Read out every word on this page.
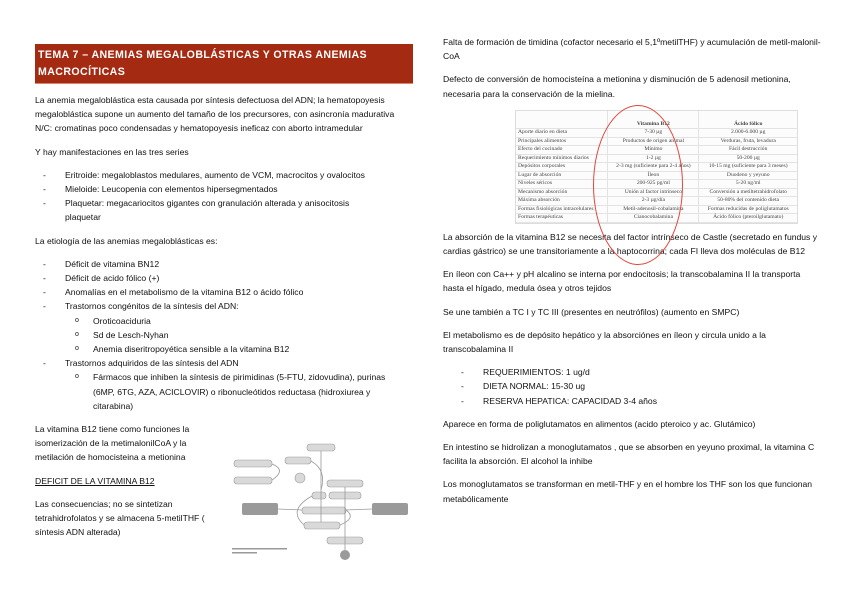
TEMA 7 – ANEMIAS MEGALOBLÁSTICAS Y OTRAS ANEMIAS MACROCÍTICAS

La anemia megaloblástica esta causada por síntesis defectuosa del ADN; la hematopoyesis megaloblástica supone un aumento del tamaño de los precursores, con asincronía madurativa N/C: cromatinas poco condensadas y hematopoyesis ineficaz con aborto intramedular

Y hay manifestaciones en las tres series

- Eritroide: megaloblastos medulares, aumento de VCM, macrocitos y ovalocitos
- Mieloide: Leucopenia con elementos hipersegmentados
- Plaquetar: megacariocitos gigantes con granulación alterada y anisocitosis plaquetar

La etiología de las anemias megaloblásticas es:

- Déficit de vitamina BN12
- Déficit de acido fólico (+)
- Anomalías en el metabolismo de la vitamina B12 o ácido fólico
- Trastornos congénitos de la síntesis del ADN:
o Oroticoaciduria
o Sd de Lesch-Nyhan
o Anemia diseritropoyética sensible a la vitamina B12
- Trastornos adquiridos de las síntesis del ADN
o Fármacos que inhiben la síntesis de pirimidinas (5-FTU, zidovudina), purinas (6MP, 6TG, AZA, ACICLOVIR) o ribonucleótidos reductasa (hidroxiurea y citarabina)

La vitamina B12 tiene como funciones la isomerización de la metimalonilCoA y la metilación de homocisteina a metionina

DEFICIT DE LA VITAMINA B12

Las consecuencias; no se sintetizan tetrahidrofolatos y se almacena 5-metilTHF ( síntesis ADN alterada)

Falta de formación de timidina (cofactor necesario el 5,1ºmetilTHF) y acumulación de metil-malonil-CoA

Defecto de conversión de homocisteína a metionina y disminución de 5 adenosil metionina, necesaria para la conservación de la mielina.

	Vitamina B12	Ácido fólico
Aporte diario en dieta	7-30 µg	2.000-6.000 µg
Principales alimentos	Productos de origen animal	Verduras, fruta, levadura
Efecto del cocinado	Mínimo	Fácil destrucción
Requerimiento mínimos diarios	1-2 µg	50-200 µg
Depósitos corporales	2-3 mg (suficiente para 2-4 años)	10-15 mg (suficiente para 3 meses)
Lugar de absorción	Íleon	Duodeno y yeyuno
Niveles séricos	200-925 pg/ml	5-20 ng/ml
Mecanismo absorción	Unión al factor intrínseco	Conversión a metiltetrahidrofolato
Máxima absorción	2-3 µg/día	50-80% del contenido dieta
Formas fisiológicas intracelulares	Metil-adenosil-cobalamina	Formas reducidas de poliglutamatos
Formas terapéuticas	Cianocobalamina	Ácido fólico (pteroilglutamato)

La absorción de la vitamina B12 se necesita del factor intrínseco de Castle (secretado en fundus y cardias gástrico) se une transitoriamente a la haptocorrina; cada FI lleva dos moléculas de B12

En íleon con Ca++ y pH alcalino se interna por endocitosis; la transcobalamina II la transporta hasta el hígado, medula ósea y otros tejidos

Se une también a TC I y TC III (presentes en neutrófilos) (aumento en SMPC)

El metabolismo es de depósito hepático y la absorciónes en íleon y circula unido a la transcobalamina II

- REQUERIMIENTOS: 1 ug/d
- DIETA NORMAL: 15-30 ug
- RESERVA HEPATICA: CAPACIDAD 3-4 años

Aparece en forma de poliglutamatos en alimentos (acido pteroico y ac. Glutámico)

En intestino se hidrolizan a monoglutamatos , que se absorben en yeyuno proximal, la vitamina C facilita la absorción. El alcohol la inhibe

Los monoglutamatos se transforman en metil-THF y en el hombre los THF son los que funcionan metabólicamente
